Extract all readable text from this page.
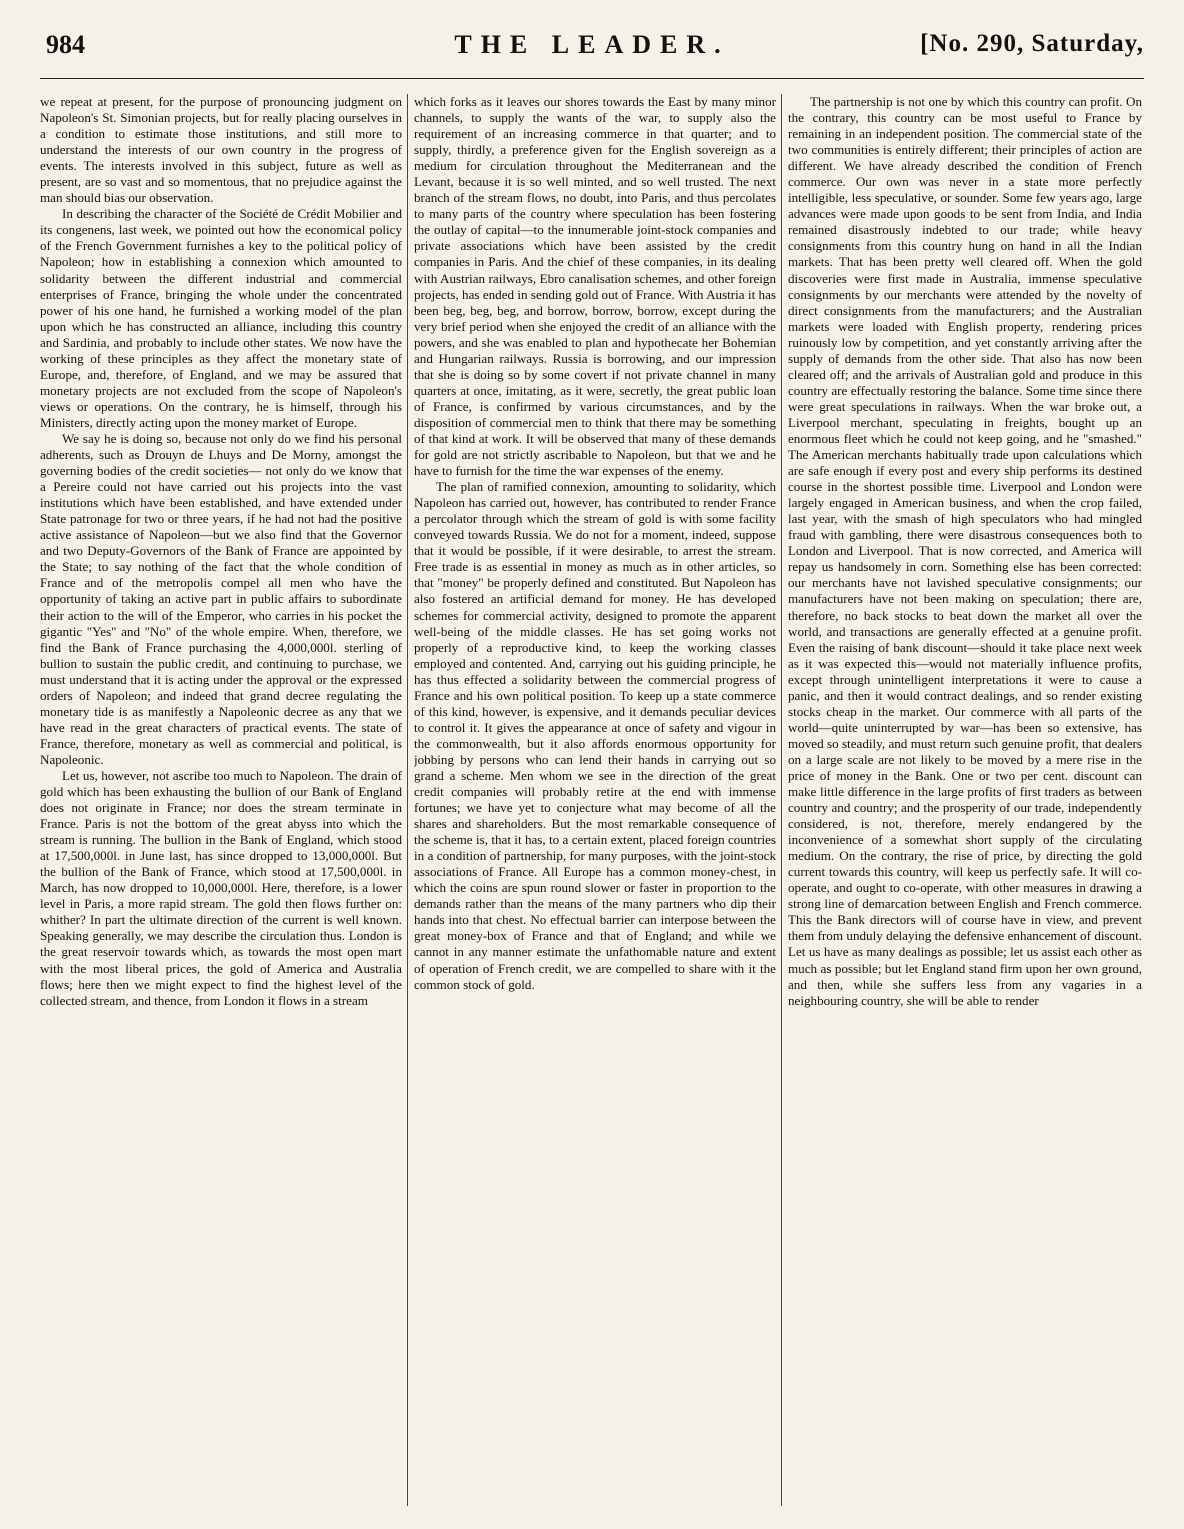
984	THE LEADER.	[No. 290, Saturday,

we repeat at present, for the purpose of pronouncing judgment on Napoleon's St. Simonian projects, but for really placing ourselves in a condition to estimate those institutions, and still more to understand the interests of our own country in the progress of events. The interests involved in this subject, future as well as present, are so vast and so momentous, that no prejudice against the man should bias our observation.

In describing the character of the Société de Crédit Mobilier and its congenens, last week, we pointed out how the economical policy of the French Government furnishes a key to the political policy of Napoleon; how in establishing a connexion which amounted to solidarity between the different industrial and commercial enterprises of France, bringing the whole under the concentrated power of his one hand, he furnished a working model of the plan upon which he has constructed an alliance, including this country and Sardinia, and probably to include other states. We now have the working of these principles as they affect the monetary state of Europe, and, therefore, of England, and we may be assured that monetary projects are not excluded from the scope of Napoleon's views or operations. On the contrary, he is himself, through his Ministers, directly acting upon the money market of Europe.

We say he is doing so, because not only do we find his personal adherents, such as Drouyn de Lhuys and De Morny, amongst the governing bodies of the credit societies— not only do we know that a Pereire could not have carried out his projects into the vast institutions which have been established, and have extended under State patronage for two or three years, if he had not had the positive active assistance of Napoleon—but we also find that the Governor and two Deputy-Governors of the Bank of France are appointed by the State; to say nothing of the fact that the whole condition of France and of the metropolis compel all men who have the opportunity of taking an active part in public affairs to subordinate their action to the will of the Emperor, who carries in his pocket the gigantic "Yes" and "No" of the whole empire. When, therefore, we find the Bank of France purchasing the 4,000,000l. sterling of bullion to sustain the public credit, and continuing to purchase, we must understand that it is acting under the approval or the expressed orders of Napoleon; and indeed that grand decree regulating the monetary tide is as manifestly a Napoleonic decree as any that we have read in the great characters of practical events. The state of France, therefore, monetary as well as commercial and political, is Napoleonic.

Let us, however, not ascribe too much to Napoleon. The drain of gold which has been exhausting the bullion of our Bank of England does not originate in France; nor does the stream terminate in France. Paris is not the bottom of the great abyss into which the stream is running. The bullion in the Bank of England, which stood at 17,500,000l. in June last, has since dropped to 13,000,000l. But the bullion of the Bank of France, which stood at 17,500,000l. in March, has now dropped to 10,000,000l. Here, therefore, is a lower level in Paris, a more rapid stream. The gold then flows further on: whither? In part the ultimate direction of the current is well known. Speaking generally, we may describe the circulation thus. London is the great reservoir towards which, as towards the most open mart with the most liberal prices, the gold of America and Australia flows; here then we might expect to find the highest level of the collected stream, and thence, from London it flows in a stream

which forks as it leaves our shores towards the East by many minor channels, to supply the wants of the war, to supply also the requirement of an increasing commerce in that quarter; and to supply, thirdly, a preference given for the English sovereign as a medium for circulation throughout the Mediterranean and the Levant, because it is so well minted, and so well trusted. The next branch of the stream flows, no doubt, into Paris, and thus percolates to many parts of the country where speculation has been fostering the outlay of capital—to the innumerable joint-stock companies and private associations which have been assisted by the credit companies in Paris. And the chief of these companies, in its dealing with Austrian railways, Ebro canalisation schemes, and other foreign projects, has ended in sending gold out of France. With Austria it has been beg, beg, beg, and borrow, borrow, borrow, except during the very brief period when she enjoyed the credit of an alliance with the powers, and she was enabled to plan and hypothecate her Bohemian and Hungarian railways. Russia is borrowing, and our impression that she is doing so by some covert if not private channel in many quarters at once, imitating, as it were, secretly, the great public loan of France, is confirmed by various circumstances, and by the disposition of commercial men to think that there may be something of that kind at work. It will be observed that many of these demands for gold are not strictly ascribable to Napoleon, but that we and he have to furnish for the time the war expenses of the enemy.

The plan of ramified connexion, amounting to solidarity, which Napoleon has carried out, however, has contributed to render France a percolator through which the stream of gold is with some facility conveyed towards Russia. We do not for a moment, indeed, suppose that it would be possible, if it were desirable, to arrest the stream. Free trade is as essential in money as much as in other articles, so that "money" be properly defined and constituted. But Napoleon has also fostered an artificial demand for money. He has developed schemes for commercial activity, designed to promote the apparent well-being of the middle classes. He has set going works not properly of a reproductive kind, to keep the working classes employed and contented. And, carrying out his guiding principle, he has thus effected a solidarity between the commercial progress of France and his own political position. To keep up a state commerce of this kind, however, is expensive, and it demands peculiar devices to control it. It gives the appearance at once of safety and vigour in the commonwealth, but it also affords enormous opportunity for jobbing by persons who can lend their hands in carrying out so grand a scheme. Men whom we see in the direction of the great credit companies will probably retire at the end with immense fortunes; we have yet to conjecture what may become of all the shares and shareholders. But the most remarkable consequence of the scheme is, that it has, to a certain extent, placed foreign countries in a condition of partnership, for many purposes, with the joint-stock associations of France. All Europe has a common money-chest, in which the coins are spun round slower or faster in proportion to the demands rather than the means of the many partners who dip their hands into that chest. No effectual barrier can interpose between the great money-box of France and that of England; and while we cannot in any manner estimate the unfathomable nature and extent of operation of French credit, we are compelled to share with it the common stock of gold.

The partnership is not one by which this country can profit. On the contrary, this country can be most useful to France by remaining in an independent position. The commercial state of the two communities is entirely different; their principles of action are different. We have already described the condition of French commerce. Our own was never in a state more perfectly intelligible, less speculative, or sounder. Some few years ago, large advances were made upon goods to be sent from India, and India remained disastrously indebted to our trade; while heavy consignments from this country hung on hand in all the Indian markets. That has been pretty well cleared off. When the gold discoveries were first made in Australia, immense speculative consignments by our merchants were attended by the novelty of direct consignments from the manufacturers; and the Australian markets were loaded with English property, rendering prices ruinously low by competition, and yet constantly arriving after the supply of demands from the other side. That also has now been cleared off; and the arrivals of Australian gold and produce in this country are effectually restoring the balance. Some time since there were great speculations in railways. When the war broke out, a Liverpool merchant, speculating in freights, bought up an enormous fleet which he could not keep going, and he "smashed." The American merchants habitually trade upon calculations which are safe enough if every post and every ship performs its destined course in the shortest possible time. Liverpool and London were largely engaged in American business, and when the crop failed, last year, with the smash of high speculators who had mingled fraud with gambling, there were disastrous consequences both to London and Liverpool. That is now corrected, and America will repay us handsomely in corn. Something else has been corrected: our merchants have not lavished speculative consignments; our manufacturers have not been making on speculation; there are, therefore, no back stocks to beat down the market all over the world, and transactions are generally effected at a genuine profit. Even the raising of bank discount—should it take place next week as it was expected this—would not materially influence profits, except through unintelligent interpretations it were to cause a panic, and then it would contract dealings, and so render existing stocks cheap in the market. Our commerce with all parts of the world—quite uninterrupted by war—has been so extensive, has moved so steadily, and must return such genuine profit, that dealers on a large scale are not likely to be moved by a mere rise in the price of money in the Bank. One or two per cent. discount can make little difference in the large profits of first traders as between country and country; and the prosperity of our trade, independently considered, is not, therefore, merely endangered by the inconvenience of a somewhat short supply of the circulating medium. On the contrary, the rise of price, by directing the gold current towards this country, will keep us perfectly safe. It will co-operate, and ought to co-operate, with other measures in drawing a strong line of demarcation between English and French commerce. This the Bank directors will of course have in view, and prevent them from unduly delaying the defensive enhancement of discount. Let us have as many dealings as possible; let us assist each other as much as possible; but let England stand firm upon her own ground, and then, while she suffers less from any vagaries in a neighbouring country, she will be able to render
